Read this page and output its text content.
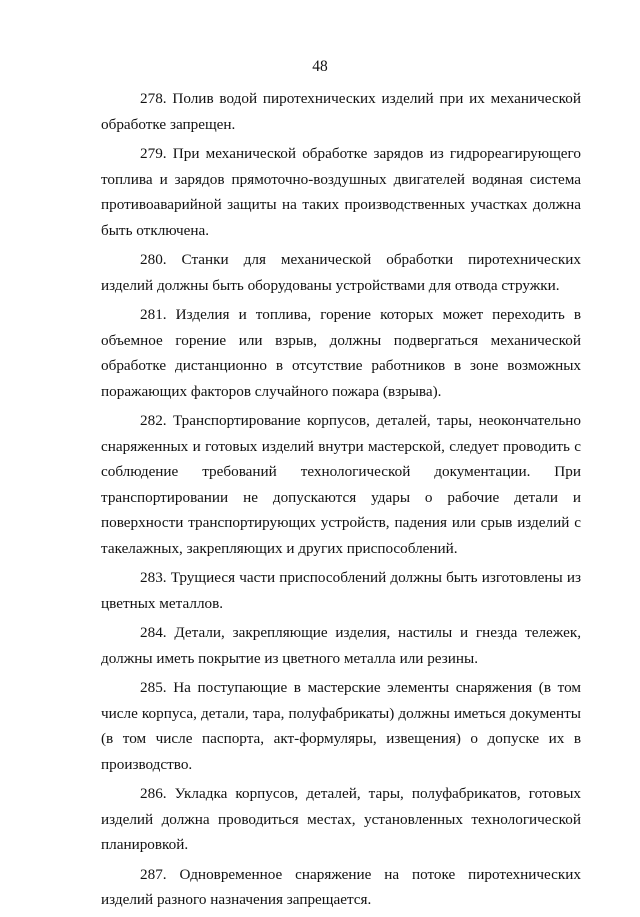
48

278. Полив водой пиротехнических изделий при их механической обработке запрещен.

279. При механической обработке зарядов из гидрореагирующего топлива и зарядов прямоточно-воздушных двигателей водяная система противоаварийной защиты на таких производственных участках должна быть отключена.

280. Станки для механической обработки пиротехнических изделий должны быть оборудованы устройствами для отвода стружки.

281. Изделия и топлива, горение которых может переходить в объемное горение или взрыв, должны подвергаться механической обработке дистанционно в отсутствие работников в зоне возможных поражающих факторов случайного пожара (взрыва).

282. Транспортирование корпусов, деталей, тары, неокончательно снаряженных и готовых изделий внутри мастерской, следует проводить с соблюдение требований технологической документации. При транспортировании не допускаются удары о рабочие детали и поверхности транспортирующих устройств, падения или срыв изделий с такелажных, закрепляющих и других приспособлений.

283. Трущиеся части приспособлений должны быть изготовлены из цветных металлов.

284. Детали, закрепляющие изделия, настилы и гнезда тележек, должны иметь покрытие из цветного металла или резины.

285. На поступающие в мастерские элементы снаряжения (в том числе корпуса, детали, тара, полуфабрикаты) должны иметься документы (в том числе паспорта, акт-формуляры, извещения) о допуске их в производство.

286. Укладка корпусов, деталей, тары, полуфабрикатов, готовых изделий должна проводиться местах, установленных технологической планировкой.

287. Одновременное снаряжение на потоке пиротехнических изделий разного назначения запрещается.
